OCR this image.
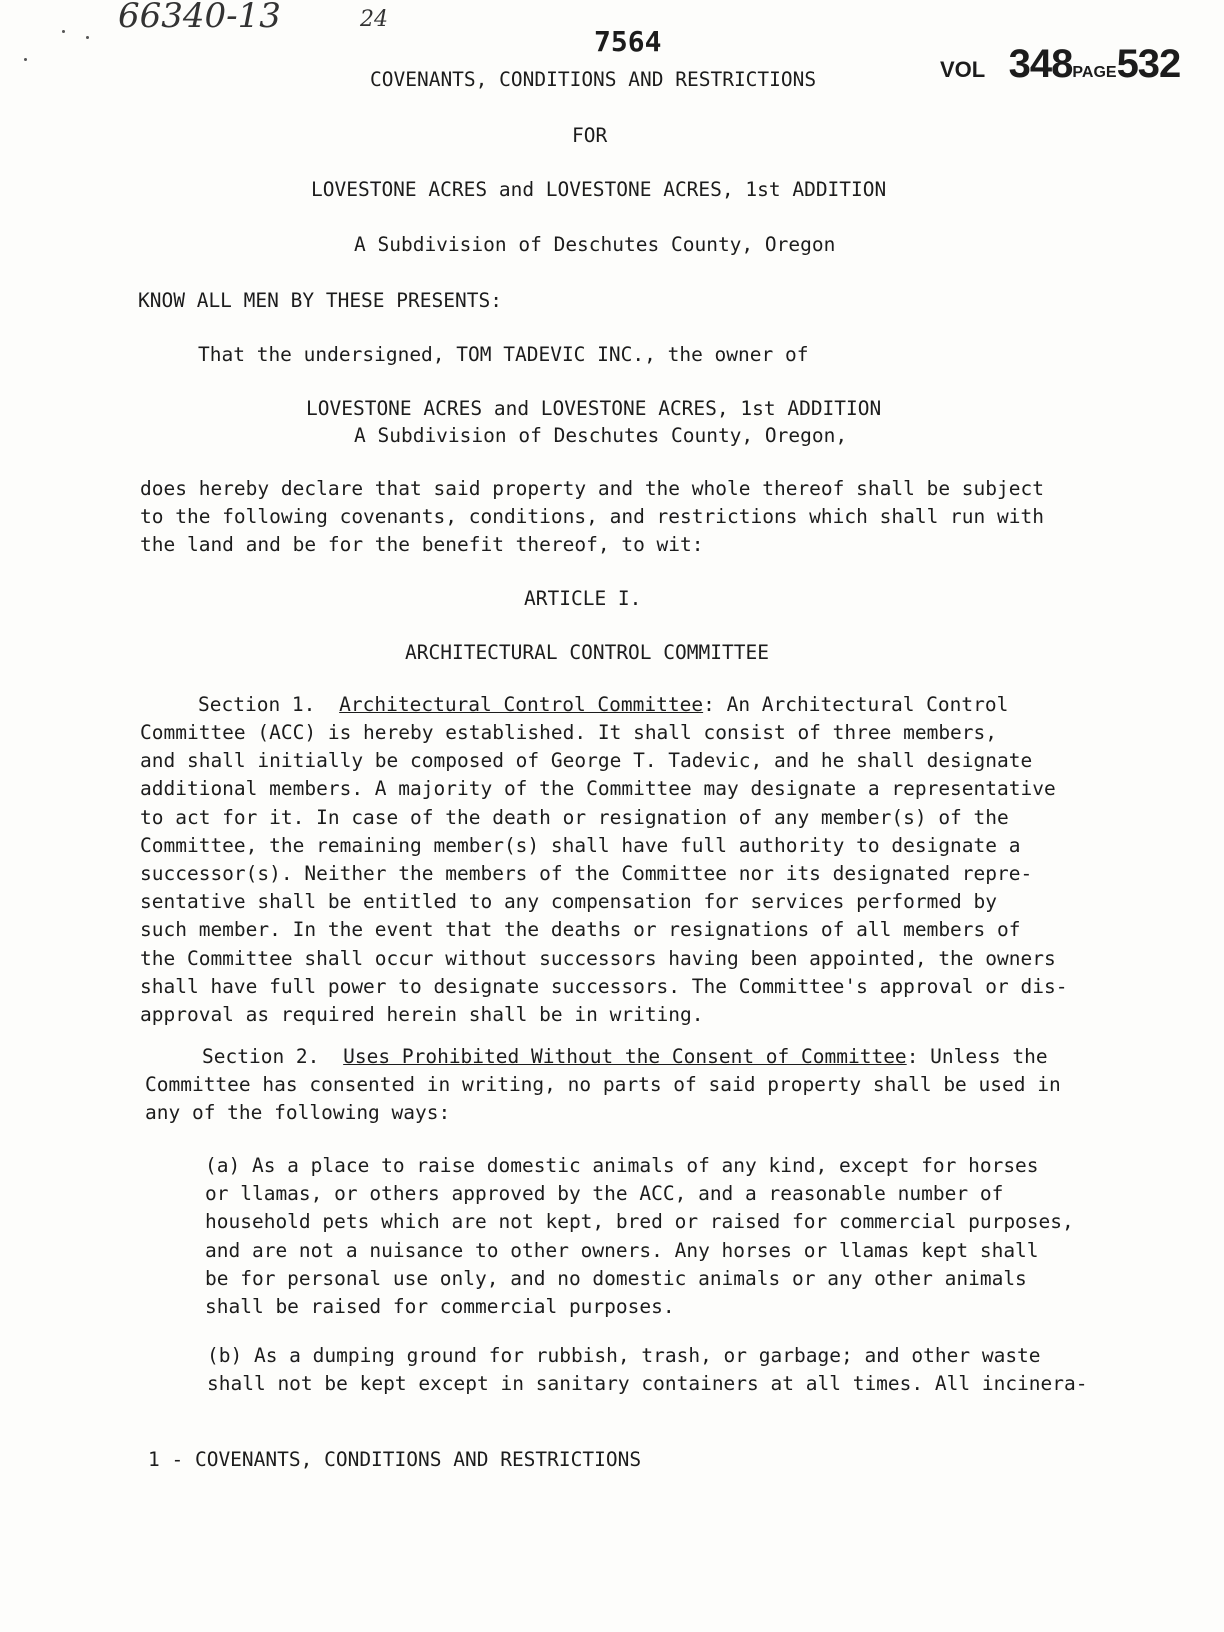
66340-13	24
7564
VOL 348PAGE532
COVENANTS, CONDITIONS AND RESTRICTIONS
FOR
LOVESTONE ACRES and LOVESTONE ACRES, 1st ADDITION
A Subdivision of Deschutes County, Oregon
KNOW ALL MEN BY THESE PRESENTS:
That the undersigned, TOM TADEVIC INC., the owner of
LOVESTONE ACRES and LOVESTONE ACRES, 1st ADDITION
A Subdivision of Deschutes County, Oregon,
does hereby declare that said property and the whole thereof shall be subject
to the following covenants, conditions, and restrictions which shall run with
the land and be for the benefit thereof, to wit:
ARTICLE I.
ARCHITECTURAL CONTROL COMMITTEE
Section 1. Architectural Control Committee: An Architectural Control
Committee (ACC) is hereby established. It shall consist of three members,
and shall initially be composed of George T. Tadevic, and he shall designate
additional members. A majority of the Committee may designate a representative
to act for it. In case of the death or resignation of any member(s) of the
Committee, the remaining member(s) shall have full authority to designate a
successor(s). Neither the members of the Committee nor its designated repre-
sentative shall be entitled to any compensation for services performed by
such member. In the event that the deaths or resignations of all members of
the Committee shall occur without successors having been appointed, the owners
shall have full power to designate successors. The Committee's approval or dis-
approval as required herein shall be in writing.
Section 2. Uses Prohibited Without the Consent of Committee: Unless the
Committee has consented in writing, no parts of said property shall be used in
any of the following ways:
(a) As a place to raise domestic animals of any kind, except for horses
or llamas, or others approved by the ACC, and a reasonable number of
household pets which are not kept, bred or raised for commercial purposes,
and are not a nuisance to other owners. Any horses or llamas kept shall
be for personal use only, and no domestic animals or any other animals
shall be raised for commercial purposes.
(b) As a dumping ground for rubbish, trash, or garbage; and other waste
shall not be kept except in sanitary containers at all times. All incinera-
1 - COVENANTS, CONDITIONS AND RESTRICTIONS
